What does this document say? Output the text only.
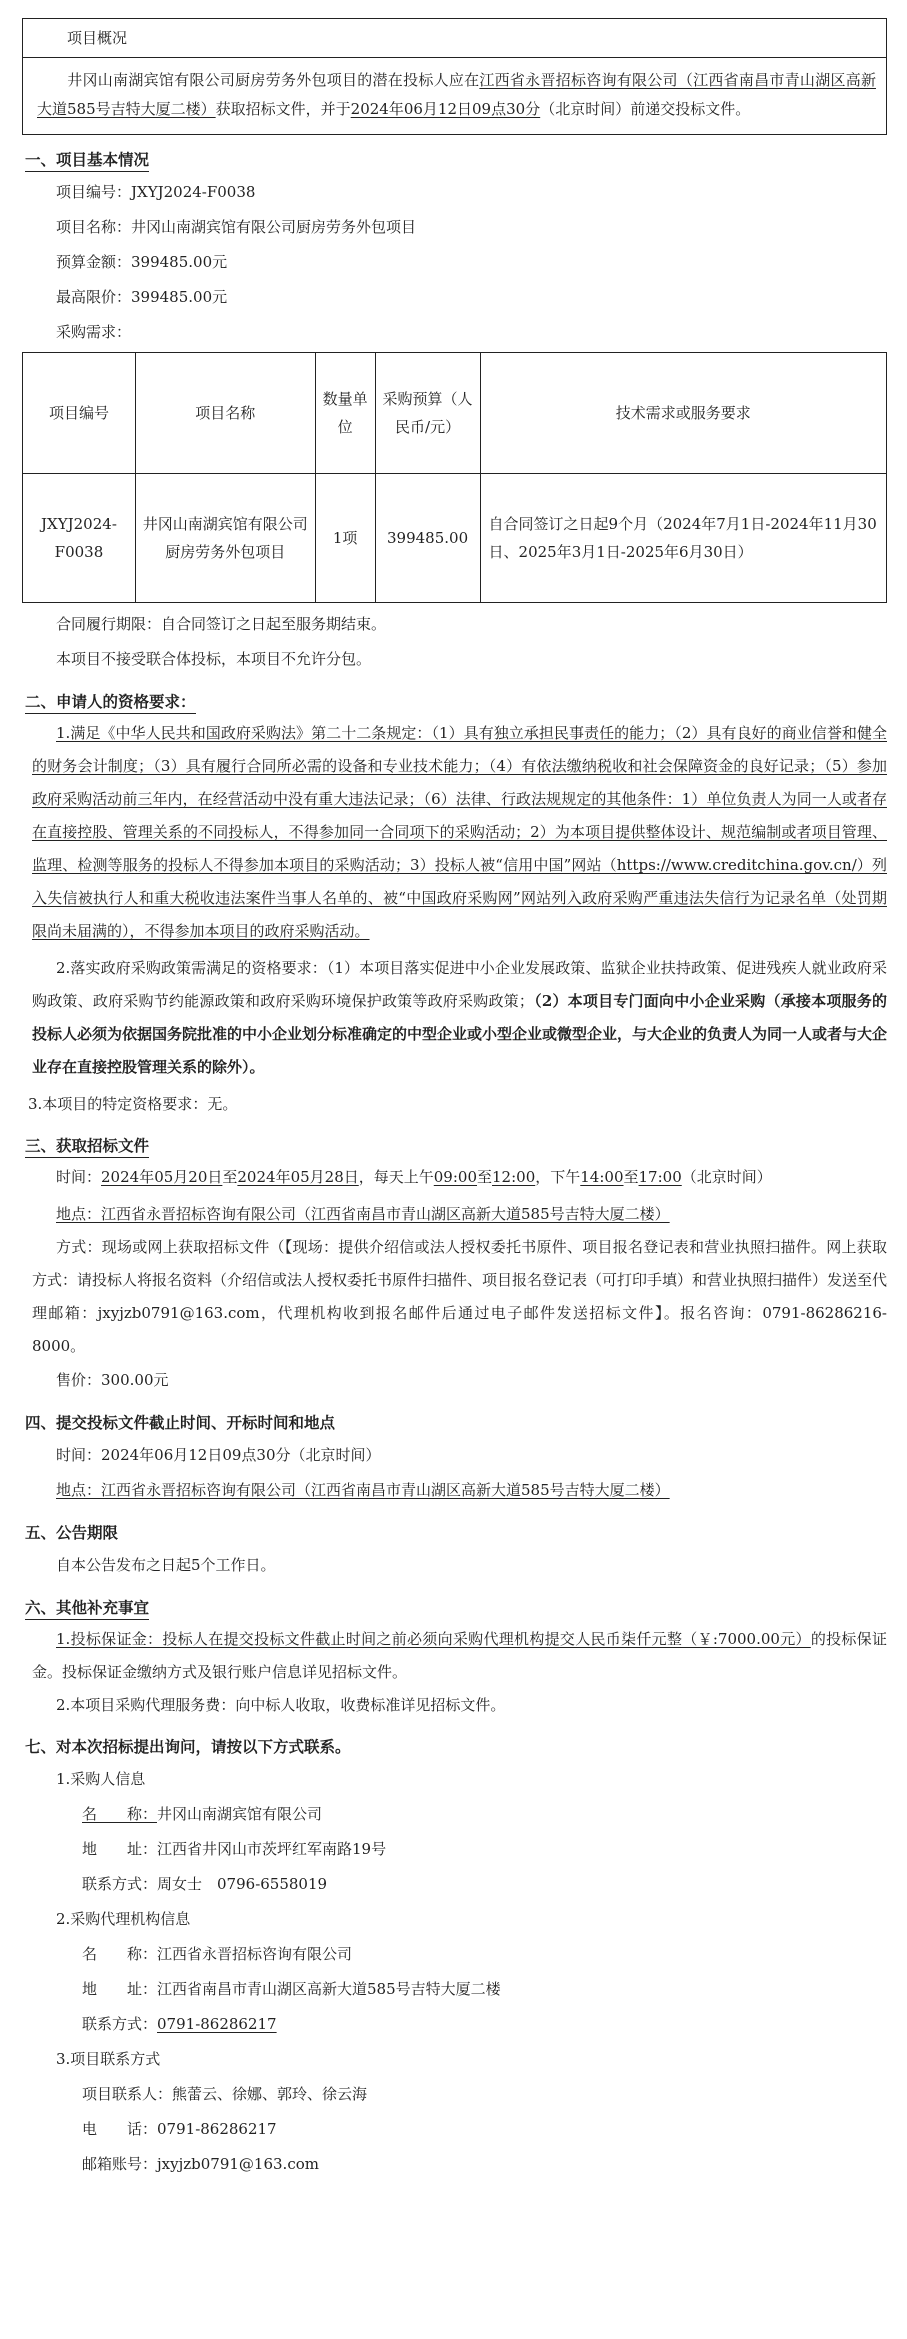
项目概况
井冈山南湖宾馆有限公司厨房劳务外包项目的潜在投标人应在江西省永晋招标咨询有限公司（江西省南昌市青山湖区高新大道585号吉特大厦二楼）获取招标文件，并于2024年06月12日09点30分（北京时间）前递交投标文件。
一、项目基本情况
项目编号：JXYJ2024-F0038
项目名称：井冈山南湖宾馆有限公司厨房劳务外包项目
预算金额：399485.00元
最高限价：399485.00元
采购需求：
项目编号	项目名称	数量单位	采购预算（人民币/元）	技术需求或服务要求
JXYJ2024-F0038	井冈山南湖宾馆有限公司厨房劳务外包项目	1项	399485.00	自合同签订之日起9个月（2024年7月1日-2024年11月30日、2025年3月1日-2025年6月30日）
合同履行期限：自合同签订之日起至服务期结束。
本项目不接受联合体投标，本项目不允许分包。
二、申请人的资格要求：
1.满足《中华人民共和国政府采购法》第二十二条规定：（1）具有独立承担民事责任的能力；（2）具有良好的商业信誉和健全的财务会计制度；（3）具有履行合同所必需的设备和专业技术能力；（4）有依法缴纳税收和社会保障资金的良好记录；（5）参加政府采购活动前三年内，在经营活动中没有重大违法记录；（6）法律、行政法规规定的其他条件：1）单位负责人为同一人或者存在直接控股、管理关系的不同投标人，不得参加同一合同项下的采购活动；2）为本项目提供整体设计、规范编制或者项目管理、监理、检测等服务的投标人不得参加本项目的采购活动；3）投标人被“信用中国”网站（https://www.creditchina.gov.cn/）列入失信被执行人和重大税收违法案件当事人名单的、被“中国政府采购网”网站列入政府采购严重违法失信行为记录名单（处罚期限尚未届满的），不得参加本项目的政府采购活动。
2.落实政府采购政策需满足的资格要求：（1）本项目落实促进中小企业发展政策、监狱企业扶持政策、促进残疾人就业政府采购政策、政府采购节约能源政策和政府采购环境保护政策等政府采购政策；（2）本项目专门面向中小企业采购（承接本项服务的投标人必须为依据国务院批准的中小企业划分标准确定的中型企业或小型企业或微型企业，与大企业的负责人为同一人或者与大企业存在直接控股管理关系的除外）。
3.本项目的特定资格要求：无。
三、获取招标文件
时间：2024年05月20日至2024年05月28日，每天上午09:00至12:00，下午14:00至17:00（北京时间）
地点：江西省永晋招标咨询有限公司（江西省南昌市青山湖区高新大道585号吉特大厦二楼）
方式：现场或网上获取招标文件（【现场：提供介绍信或法人授权委托书原件、项目报名登记表和营业执照扫描件。网上获取方式：请投标人将报名资料（介绍信或法人授权委托书原件扫描件、项目报名登记表（可打印手填）和营业执照扫描件）发送至代理邮箱：jxyjzb0791@163.com，代理机构收到报名邮件后通过电子邮件发送招标文件】。报名咨询：0791-86286216-8000。
售价：300.00元
四、提交投标文件截止时间、开标时间和地点
时间：2024年06月12日09点30分（北京时间）
地点：江西省永晋招标咨询有限公司（江西省南昌市青山湖区高新大道585号吉特大厦二楼）
五、公告期限
自本公告发布之日起5个工作日。
六、其他补充事宜
1.投标保证金：投标人在提交投标文件截止时间之前必须向采购代理机构提交人民币柒仟元整（￥:7000.00元）的投标保证金。投标保证金缴纳方式及银行账户信息详见招标文件。
2.本项目采购代理服务费：向中标人收取，收费标准详见招标文件。
七、对本次招标提出询问，请按以下方式联系。
1.采购人信息
名　　称：井冈山南湖宾馆有限公司
地　　址：江西省井冈山市茨坪红军南路19号
联系方式：周女士　0796-6558019
2.采购代理机构信息
名　　称：江西省永晋招标咨询有限公司
地　　址：江西省南昌市青山湖区高新大道585号吉特大厦二楼
联系方式：0791-86286217
3.项目联系方式
项目联系人：熊蕾云、徐娜、郭玲、徐云海
电　　话：0791-86286217
邮箱账号：jxyjzb0791@163.com
